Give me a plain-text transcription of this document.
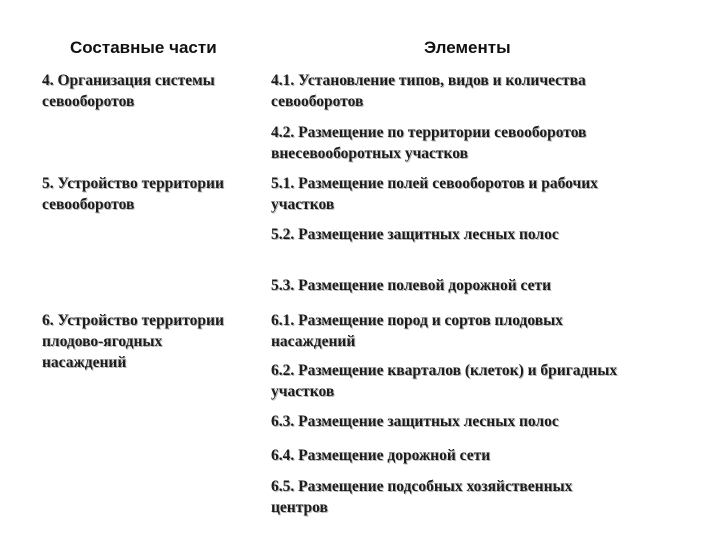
Составные части	Элементы
4. Организация системы
севооборотов
4.1. Установление типов, видов и количества
севооборотов
4.2. Размещение по территории севооборотов
внесевооборотных участков
5. Устройство территории
севооборотов
5.1. Размещение полей севооборотов и рабочих
участков
5.2. Размещение защитных лесных полос
5.3. Размещение полевой дорожной сети
6. Устройство территории
плодово-ягодных
насаждений
6.1. Размещение пород и сортов плодовых
насаждений
6.2. Размещение кварталов (клеток) и бригадных
участков
6.3. Размещение защитных лесных полос
6.4. Размещение дорожной сети
6.5. Размещение подсобных хозяйственных
центров
